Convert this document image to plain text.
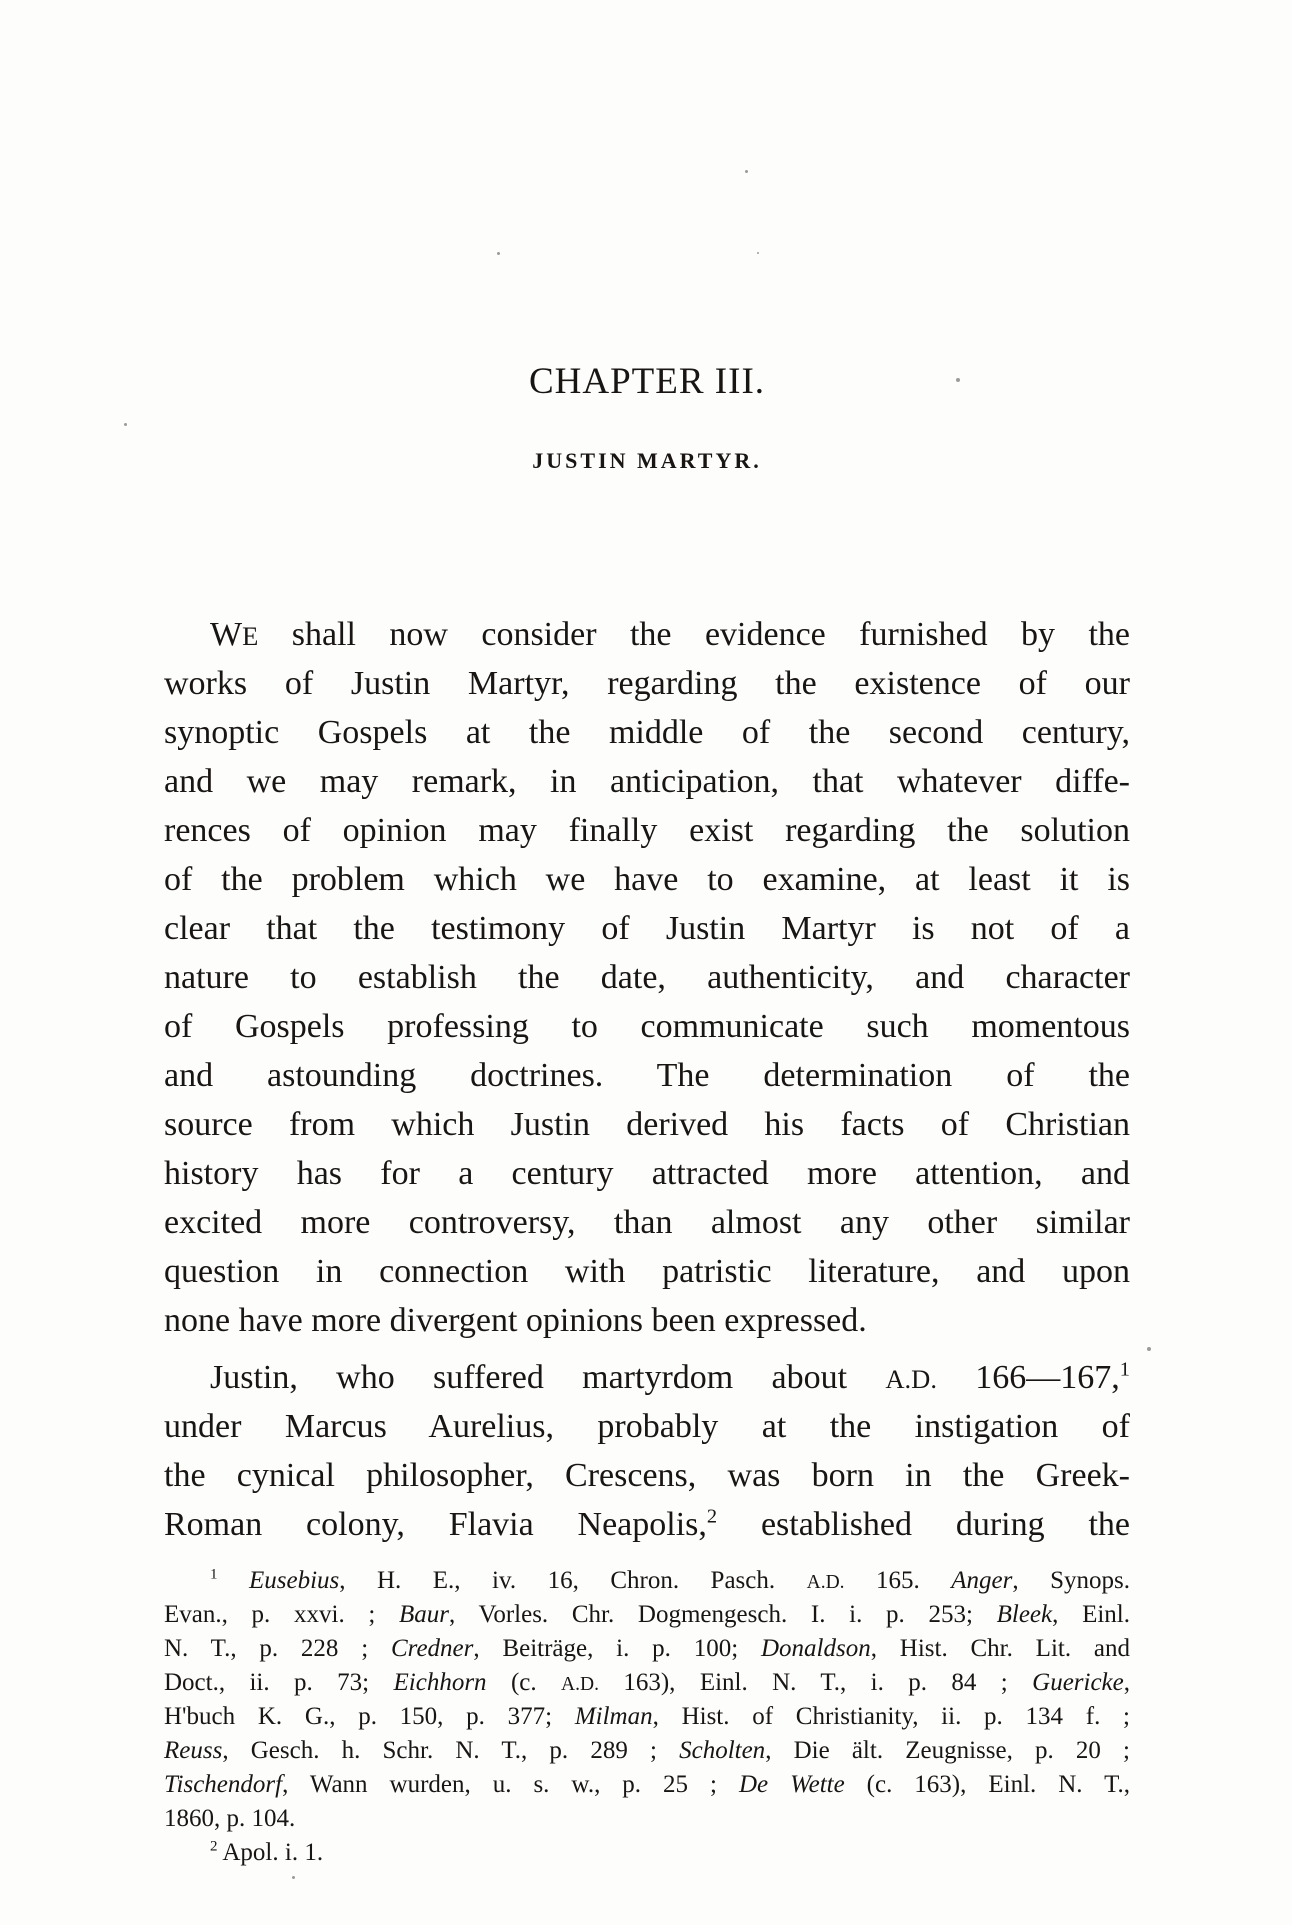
CHAPTER III.
JUSTIN MARTYR.
WE shall now consider the evidence furnished by the
works of Justin Martyr, regarding the existence of our
synoptic Gospels at the middle of the second century,
and we may remark, in anticipation, that whatever diffe-
rences of opinion may finally exist regarding the solution
of the problem which we have to examine, at least it is
clear that the testimony of Justin Martyr is not of a
nature to establish the date, authenticity, and character
of Gospels professing to communicate such momentous
and astounding doctrines. The determination of the
source from which Justin derived his facts of Christian
history has for a century attracted more attention, and
excited more controversy, than almost any other similar
question in connection with patristic literature, and upon
none have more divergent opinions been expressed.
Justin, who suffered martyrdom about A.D. 166—167,$^1$
under Marcus Aurelius, probably at the instigation of
the cynical philosopher, Crescens, was born in the Greek-
Roman colony, Flavia Neapolis,$^2$ established during the
$^1$ Eusebius, H. E., iv. 16, Chron. Pasch. A.D. 165. Anger, Synops.
Evan., p. xxvi. ; Baur, Vorles. Chr. Dogmengesch. I. i. p. 253; Bleek, Einl.
N. T., p. 228 ; Credner, Beiträge, i. p. 100; Donaldson, Hist. Chr. Lit. and
Doct., ii. p. 73; Eichhorn (c. A.D. 163), Einl. N. T., i. p. 84 ; Guericke,
H'buch K. G., p. 150, p. 377; Milman, Hist. of Christianity, ii. p. 134 f. ;
Reuss, Gesch. h. Schr. N. T., p. 289 ; Scholten, Die ält. Zeugnisse, p. 20 ;
Tischendorf, Wann wurden, u. s. w., p. 25 ; De Wette (c. 163), Einl. N. T.,
1860, p. 104.
$^2$ Apol. i. 1.
